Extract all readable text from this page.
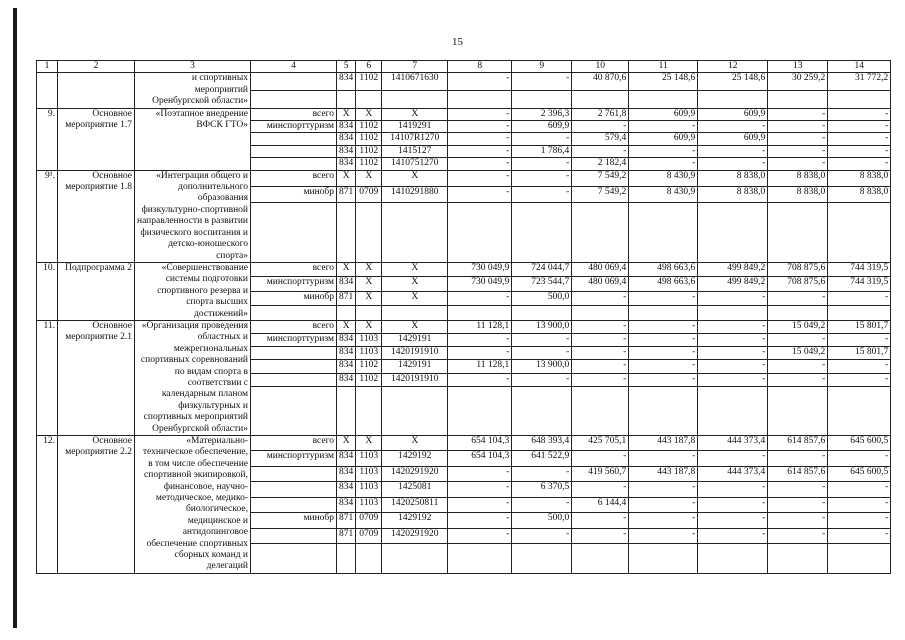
15
1	2	3	4	5	6	7	8	9	10	11	12	13	14
		и спортивных мероприятий Оренбургской области»		834	1102	1410671630	-	-	40 870,6	25 148,6	25 148,6	30 259,2	31 772,2

9.	Основное мероприятие 1.7	«Поэтапное внедрение ВФСК ГТО»	всего	X	X	X	-	2 396,3	2 761,8	609,9	609,9	-	-
			минспорттуризм	834	1102	1419291	-	609,9	-	-	-	-	-
				834	1102	14107R1270	-	-	579,4	609,9	609,9	-	-
				834	1102	1415127	-	1 786,4	-	-	-	-	-
				834	1102	1410751270	-	-	2 182,4	-	-	-	-
9¹.	Основное мероприятие 1.8	«Интеграция общего и дополнительного образования физкультурно-спортивной направленности в развитии физического воспитания и детско-юношеского спорта»	всего	X	X	X	-	-	7 549,2	8 430,9	8 838,0	8 838,0	8 838,0
			минобр	871	0709	1410291880	-	-	7 549,2	8 430,9	8 838,0	8 838,0	8 838,0

10.	Подпрограмма 2	«Совершенствование системы подготовки спортивного резерва и спорта высших достижений»	всего	X	X	X	730 049,9	724 044,7	480 069,4	498 663,6	499 849,2	708 875,6	744 319,5
			минспорттуризм	834	X	X	730 049,9	723 544,7	480 069,4	498 663,6	499 849,2	708 875,6	744 319,5
			минобр	871	X	X	-	500,0	-	-	-	-	-

11.	Основное мероприятие 2.1	«Организация проведения областных и межрегиональных спортивных соревнований по видам спорта в соответствии с календарным планом физкультурных и спортивных мероприятий Оренбургской области»	всего	X	X	X	11 128,1	13 900,0	-	-	-	15 049,2	15 801,7
			минспорттуризм	834	1103	1429191	-	-	-	-	-	-	-
				834	1103	1420191910	-	-	-	-	-	15 049,2	15 801,7
				834	1102	1429191	11 128,1	13 900,0	-	-	-	-	-
				834	1102	1420191910	-	-	-	-	-	-	-

12.	Основное мероприятие 2.2	«Материально-техническое обеспечение, в том числе обеспечение спортивной экипировкой, финансовое, научно-методическое, медико-биологическое, медицинское и антидопинговое обеспечение спортивных сборных команд и делегаций	всего	X	X	X	654 104,3	648 393,4	425 705,1	443 187,8	444 373,4	614 857,6	645 600,5
			минспорттуризм	834	1103	1429192	654 104,3	641 522,9	-	-	-	-	-
				834	1103	1420291920	-	-	419 560,7	443 187,8	444 373,4	614 857,6	645 600,5
				834	1103	1425081	-	6 370,5	-	-	-	-	-
				834	1103	1420250811	-	-	6 144,4	-	-	-	-
			минобр	871	0709	1429192	-	500,0	-	-	-	-	-
				871	0709	1420291920	-	-	-	-	-	-	-
